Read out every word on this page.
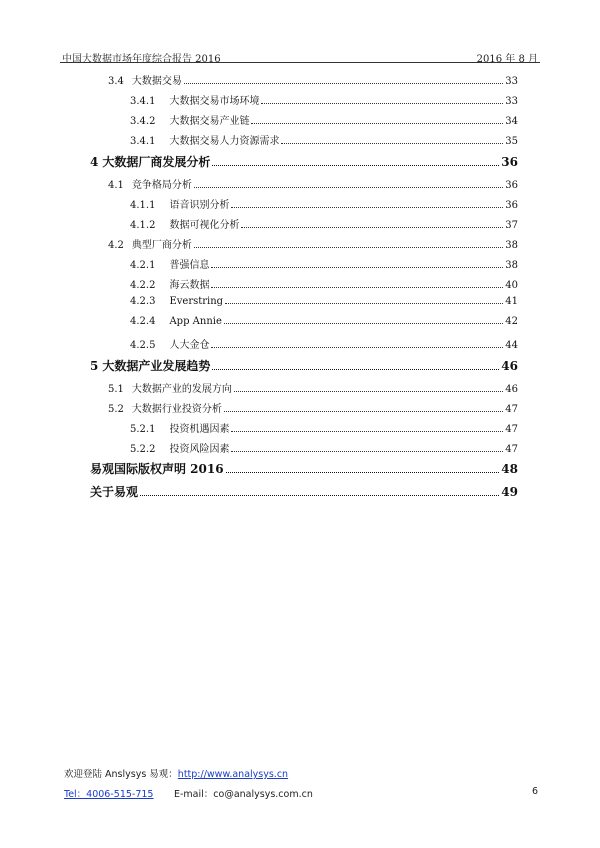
中国大数据市场年度综合报告 2016	2016 年 8 月
3.4 大数据交易	33
3.4.1 大数据交易市场环境	33
3.4.2 大数据交易产业链	34
3.4.1 大数据交易人力资源需求	35
4 大数据厂商发展分析	36
4.1 竞争格局分析	36
4.1.1 语音识别分析	36
4.1.2 数据可视化分析	37
4.2 典型厂商分析	38
4.2.1 普强信息	38
4.2.2 海云数据	40
4.2.3 Everstring	41
4.2.4 App Annie	42
4.2.5 人大金仓	44
5 大数据产业发展趋势	46
5.1 大数据产业的发展方向	46
5.2 大数据行业投资分析	47
5.2.1 投资机遇因素	47
5.2.2 投资风险因素	47
易观国际版权声明 2016	48
关于易观	49
欢迎登陆 Anslysys 易观：http://www.analysys.cn
Tel：4006-515-715 E-mail：co@analysys.com.cn	6
